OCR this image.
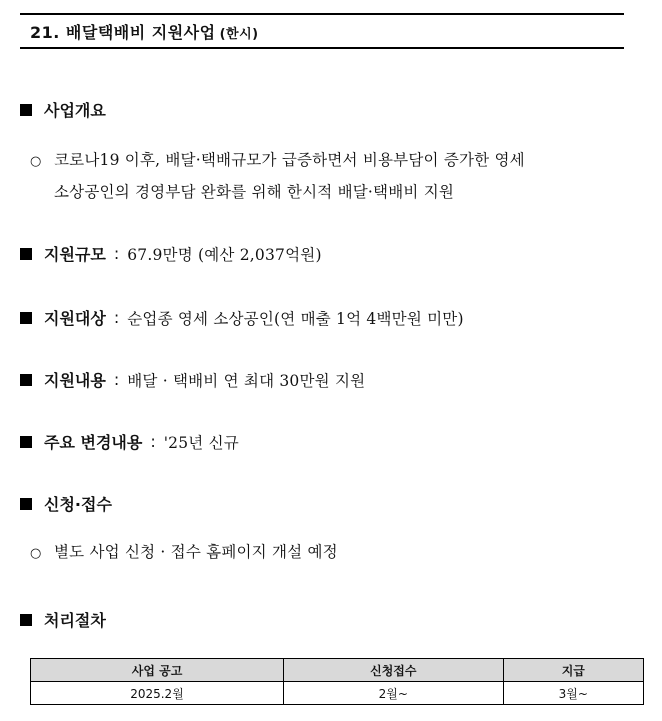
21. 배달택배비 지원사업 (한시)
사업개요
○ 코로나19 이후, 배달·택배규모가 급증하면서 비용부담이 증가한 영세
소상공인의 경영부담 완화를 위해 한시적 배달·택배비 지원
지원규모 : 67.9만명 (예산 2,037억원)
지원대상 : 순업종 영세 소상공인(연 매출 1억 4백만원 미만)
지원내용 : 배달 · 택배비 연 최대 30만원 지원
주요 변경내용 : '25년 신규
신청·접수
○ 별도 사업 신청 · 접수 홈페이지 개설 예정
처리절차
사업 공고	신청접수	지급
2025.2월	2월~	3월~
